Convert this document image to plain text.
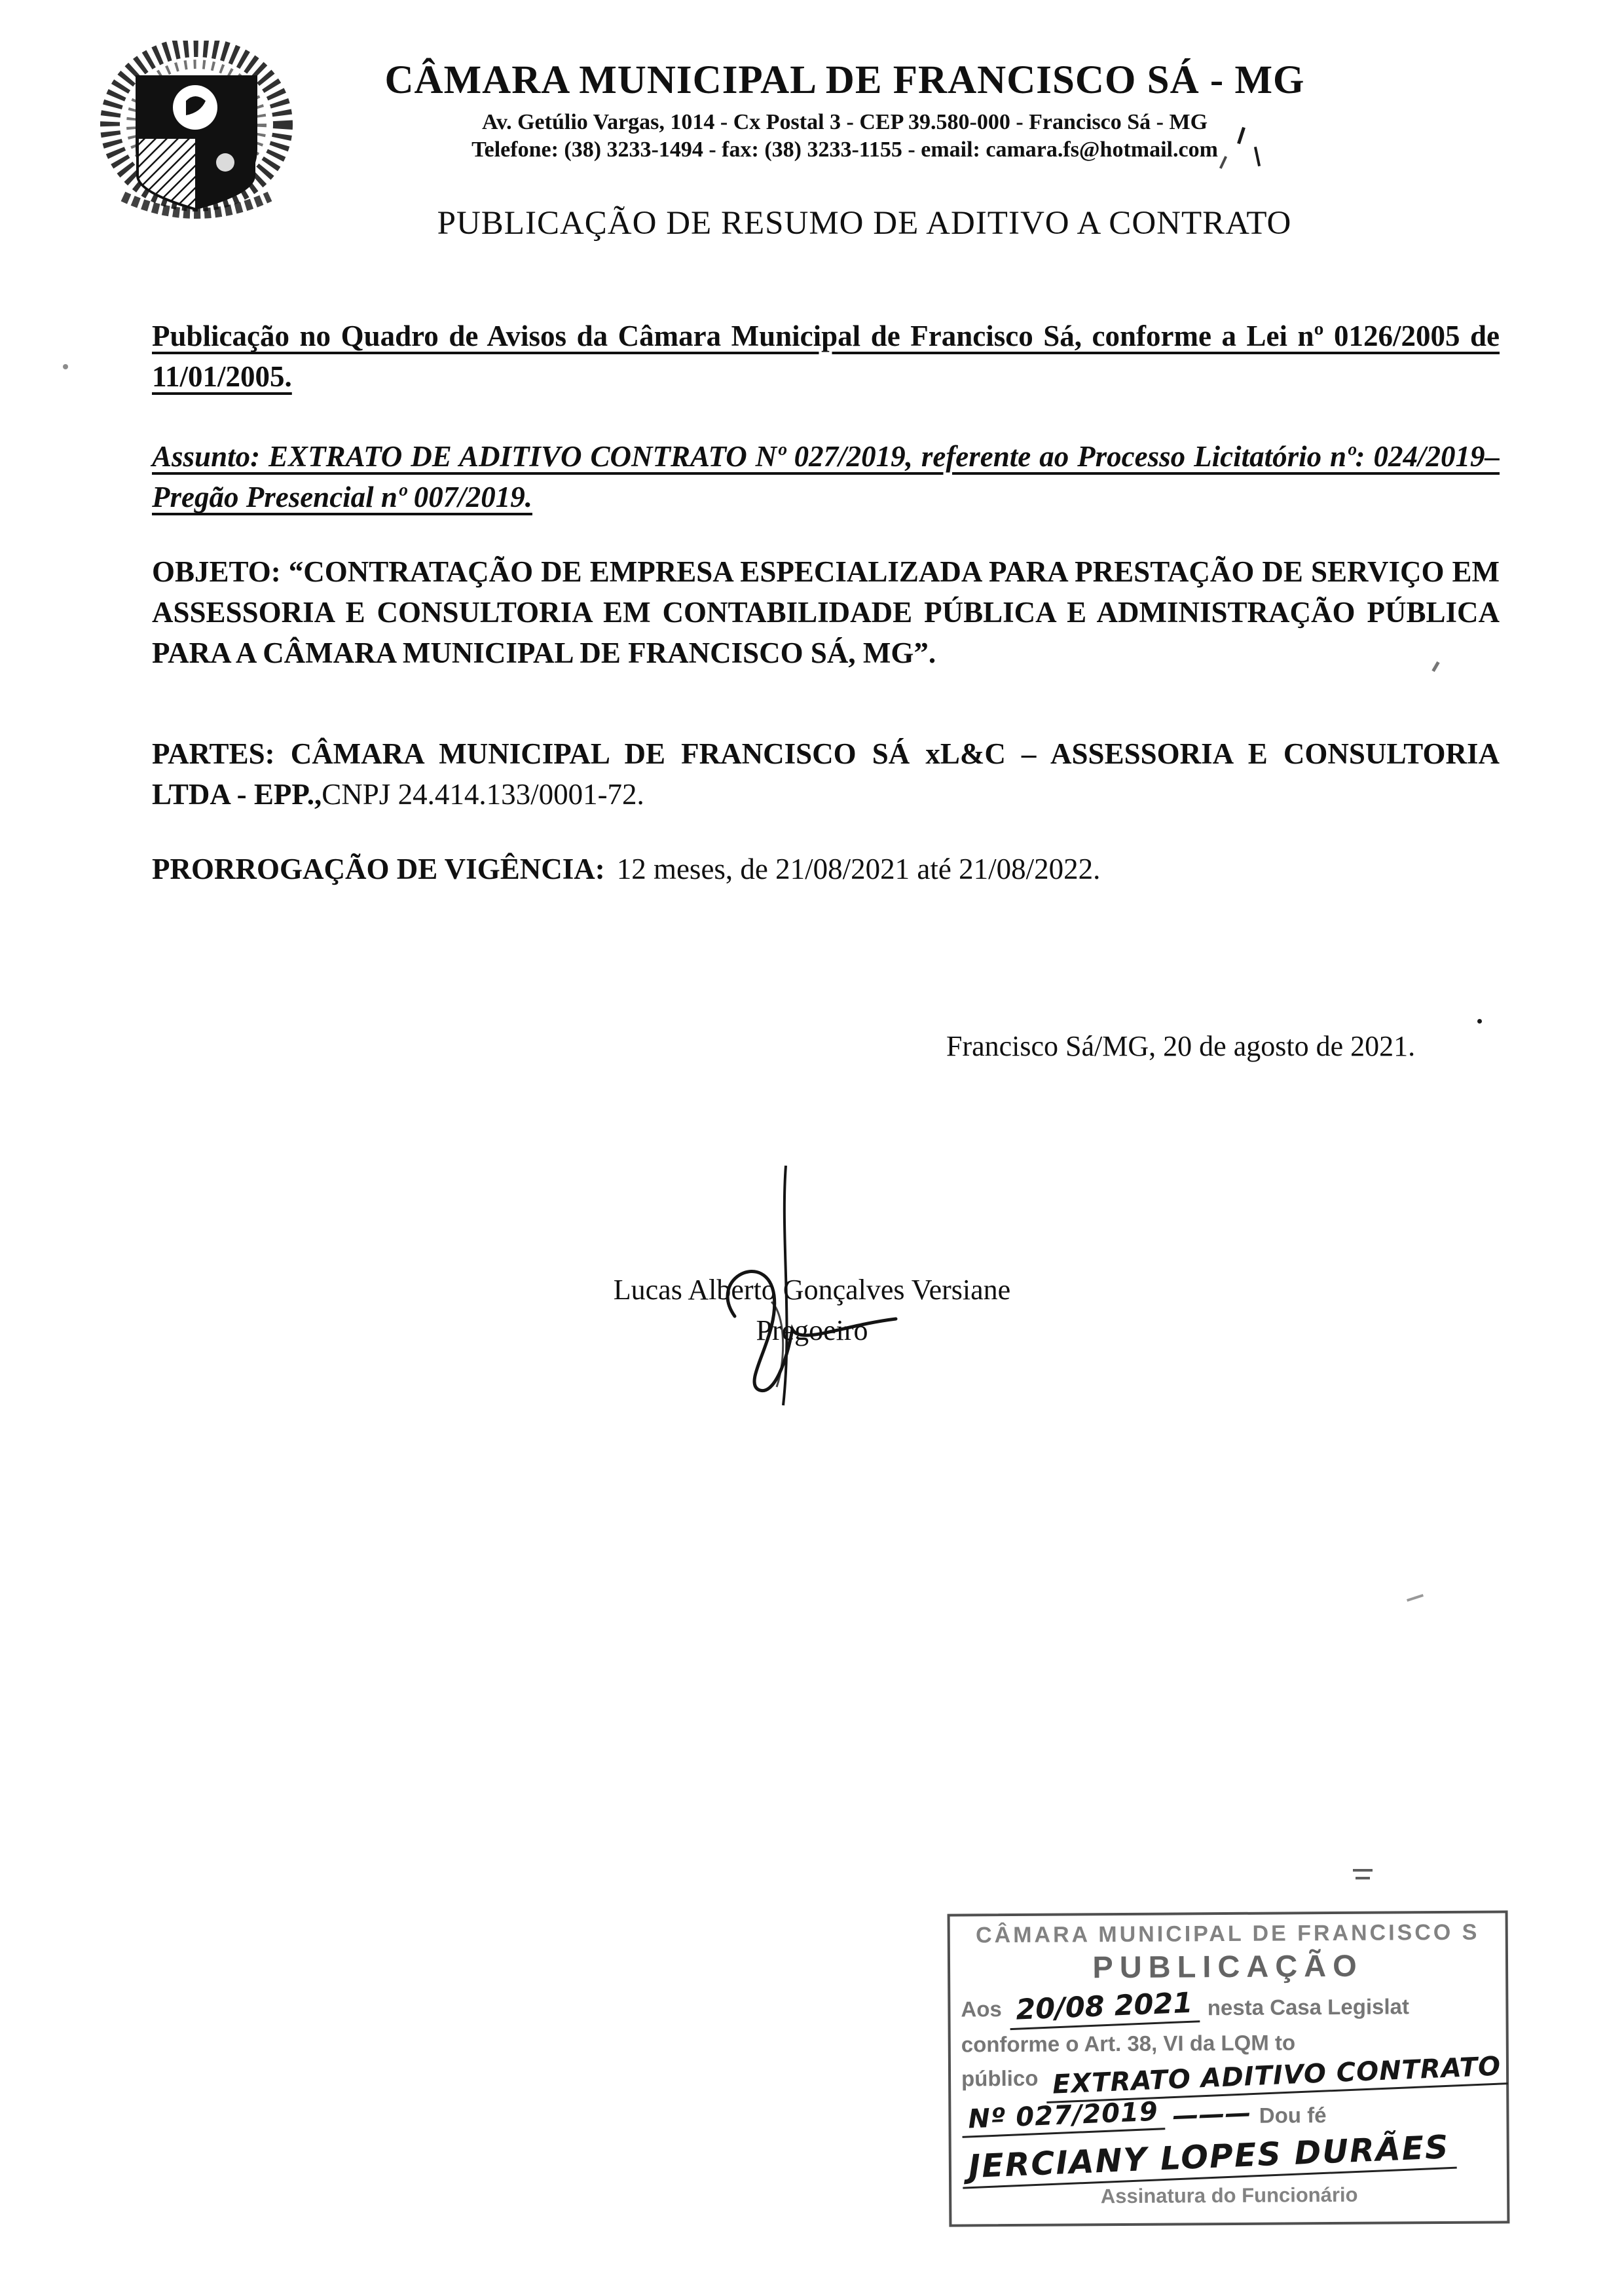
CÂMARA MUNICIPAL DE FRANCISCO SÁ - MG
Av. Getúlio Vargas, 1014 - Cx Postal 3 - CEP 39.580-000 - Francisco Sá - MG
Telefone: (38) 3233-1494 - fax: (38) 3233-1155 - email: camara.fs@hotmail.com
PUBLICAÇÃO DE RESUMO DE ADITIVO A CONTRATO

Publicação no Quadro de Avisos da Câmara Municipal de Francisco Sá, conforme a Lei nº 0126/2005 de 11/01/2005.

Assunto: EXTRATO DE ADITIVO CONTRATO Nº 027/2019, referente ao Processo Licitatório nº: 024/2019–Pregão Presencial nº 007/2019.

OBJETO: “CONTRATAÇÃO DE EMPRESA ESPECIALIZADA PARA PRESTAÇÃO DE SERVIÇO EM ASSESSORIA E CONSULTORIA EM CONTABILIDADE PÚBLICA E ADMINISTRAÇÃO PÚBLICA PARA A CÂMARA MUNICIPAL DE FRANCISCO SÁ, MG”.

PARTES: CÂMARA MUNICIPAL DE FRANCISCO SÁ xL&C – ASSESSORIA E CONSULTORIA LTDA - EPP.,CNPJ 24.414.133/0001-72.

PRORROGAÇÃO DE VIGÊNCIA: 12 meses, de 21/08/2021 até 21/08/2022.

Francisco Sá/MG, 20 de agosto de 2021.
Lucas Alberto Gonçalves Versiane
Pregoeiro
CÂMARA MUNICIPAL DE FRANCISCO S
PUBLICAÇÃO
Aos 20/08 2021 nesta Casa Legislat
conforme o Art. 38, VI da LQM to
público EXTRATO ADITIVO CONTRATO
Nº 027/2019 ——— Dou fé
JERCIANY LOPES DURÃES
Assinatura do Funcionário
